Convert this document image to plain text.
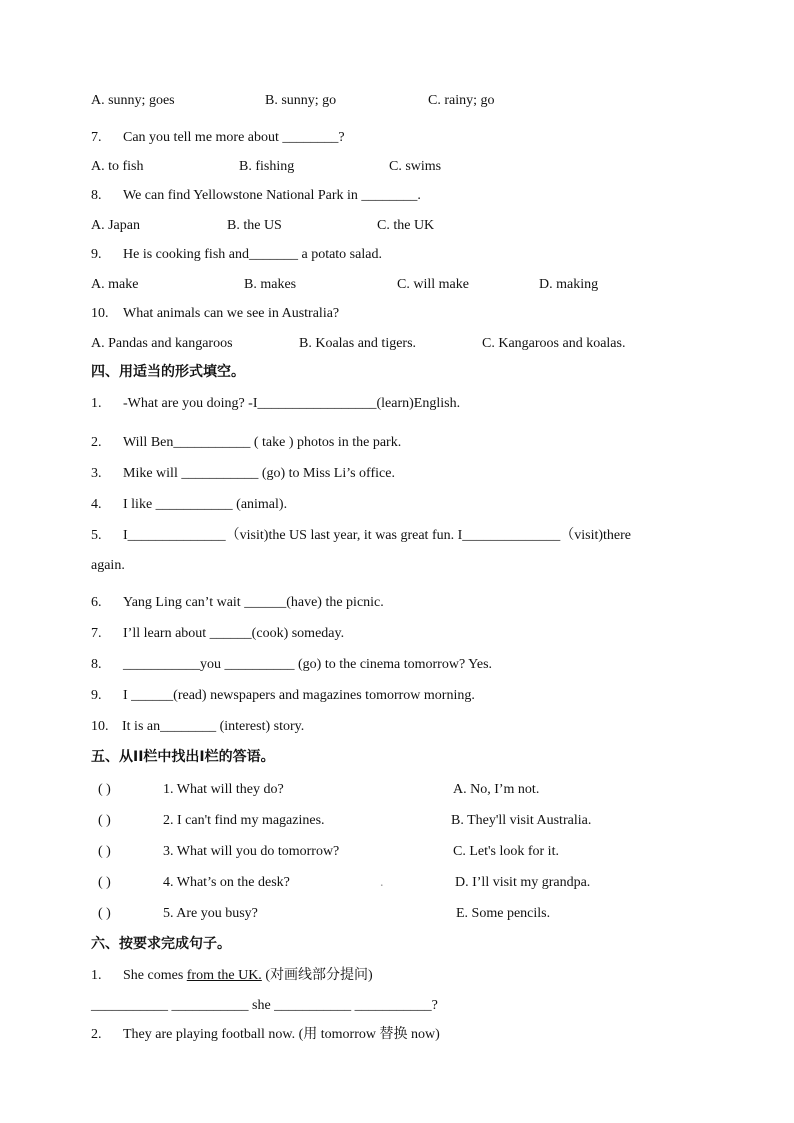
A. sunny; goes	B. sunny; go	C. rainy; go
7. Can you tell me more about ________?
A. to fish	B. fishing	C. swims
8. We can find Yellowstone National Park in ________.
A. Japan	B. the US	C. the UK
9. He is cooking fish and_______ a potato salad.
A. make	B. makes	C. will make	D. making
10. What animals can we see in Australia?
A. Pandas and kangaroos	B. Koalas and tigers.	C. Kangaroos and koalas.
四、用适当的形式填空。
1. -What are you doing? -I_________________(learn)English.
2. Will Ben___________ ( take ) photos in the park.
3. Mike will ___________ (go) to Miss Li’s office.
4. I like ___________ (animal).
5. I______________（visit)the US last year, it was great fun. I______________（visit)there
again.
6. Yang Ling can’t wait ______(have) the picnic.
7. I’ll learn about ______(cook) someday.
8. ___________you __________ (go) to the cinema tomorrow? Yes.
9. I ______(read) newspapers and magazines tomorrow morning.
10. It is an________ (interest) story.
五、从II栏中找出I栏的答语。
( )	1. What will they do?	A. No, I’m not.
( )	2. I can't find my magazines.	B. They'll visit Australia.
( )	3. What will you do tomorrow?	C. Let's look for it.
( )	4. What’s on the desk?	.	D. I’ll visit my grandpa.
( )	5. Are you busy?	E. Some pencils.
六、按要求完成句子。
1. She comes from the UK. (对画线部分提问)
___________ ___________ she ___________ ___________?
2. They are playing football now. (用 tomorrow 替换 now)
